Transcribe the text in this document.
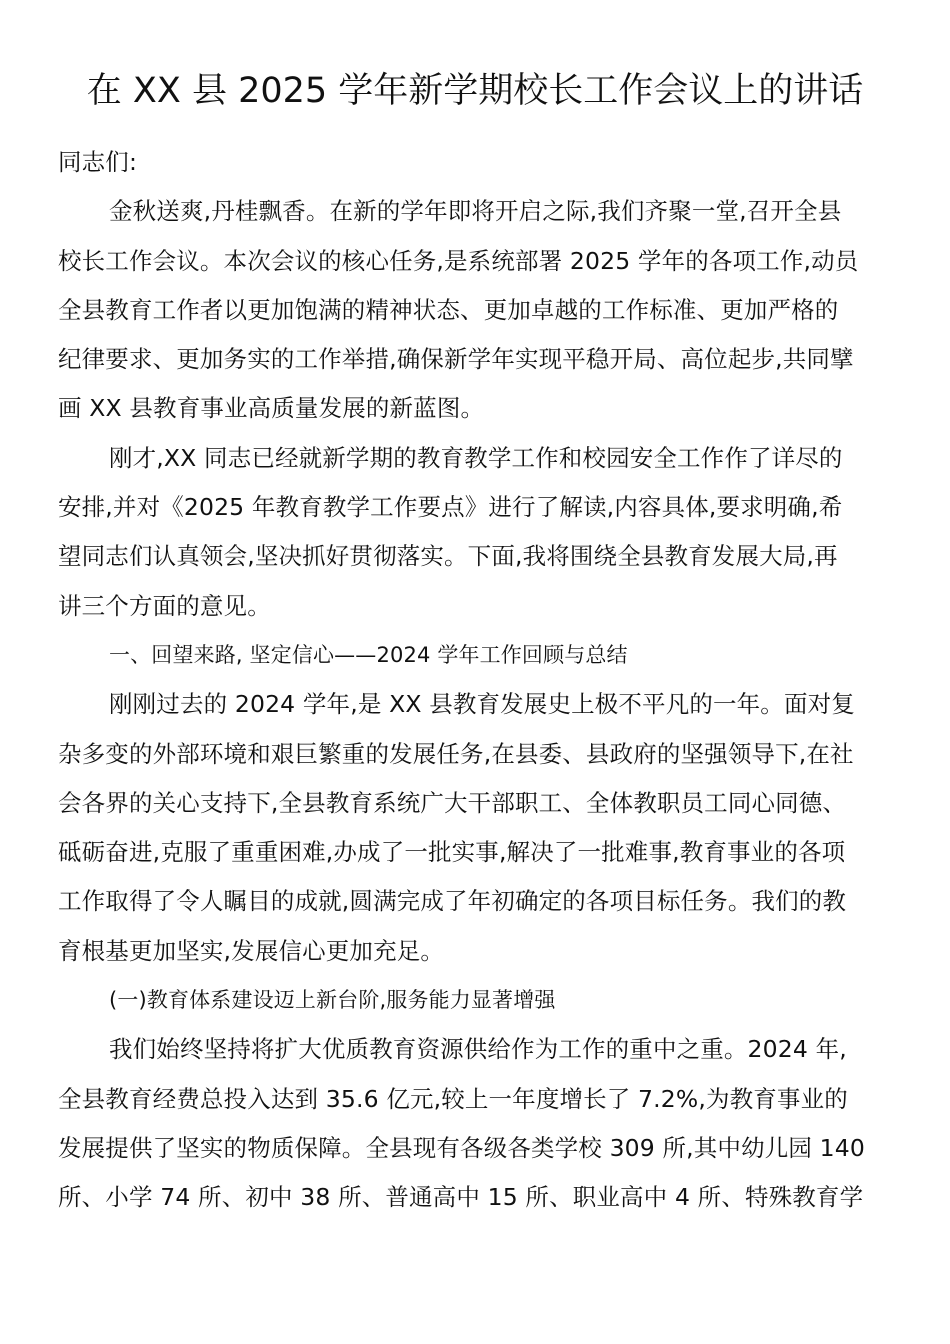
在 XX 县 2025 学年新学期校长工作会议上的讲话
同志们:
金秋送爽,丹桂飘香。在新的学年即将开启之际,我们齐聚一堂,召开全县
校长工作会议。本次会议的核心任务,是系统部署 2025 学年的各项工作,动员
全县教育工作者以更加饱满的精神状态、更加卓越的工作标准、更加严格的
纪律要求、更加务实的工作举措,确保新学年实现平稳开局、高位起步,共同擘
画 XX 县教育事业高质量发展的新蓝图。
刚才,XX 同志已经就新学期的教育教学工作和校园安全工作作了详尽的
安排,并对《2025 年教育教学工作要点》进行了解读,内容具体,要求明确,希
望同志们认真领会,坚决抓好贯彻落实。下面,我将围绕全县教育发展大局,再
讲三个方面的意见。
一、回望来路, 坚定信心——2024 学年工作回顾与总结
刚刚过去的 2024 学年,是 XX 县教育发展史上极不平凡的一年。面对复
杂多变的外部环境和艰巨繁重的发展任务,在县委、县政府的坚强领导下,在社
会各界的关心支持下,全县教育系统广大干部职工、全体教职员工同心同德、
砥砺奋进,克服了重重困难,办成了一批实事,解决了一批难事,教育事业的各项
工作取得了令人瞩目的成就,圆满完成了年初确定的各项目标任务。我们的教
育根基更加坚实,发展信心更加充足。
(一)教育体系建设迈上新台阶,服务能力显著增强
我们始终坚持将扩大优质教育资源供给作为工作的重中之重。2024 年,
全县教育经费总投入达到 35.6 亿元,较上一年度增长了 7.2%,为教育事业的
发展提供了坚实的物质保障。全县现有各级各类学校 309 所,其中幼儿园 140
所、小学 74 所、初中 38 所、普通高中 15 所、职业高中 4 所、特殊教育学
